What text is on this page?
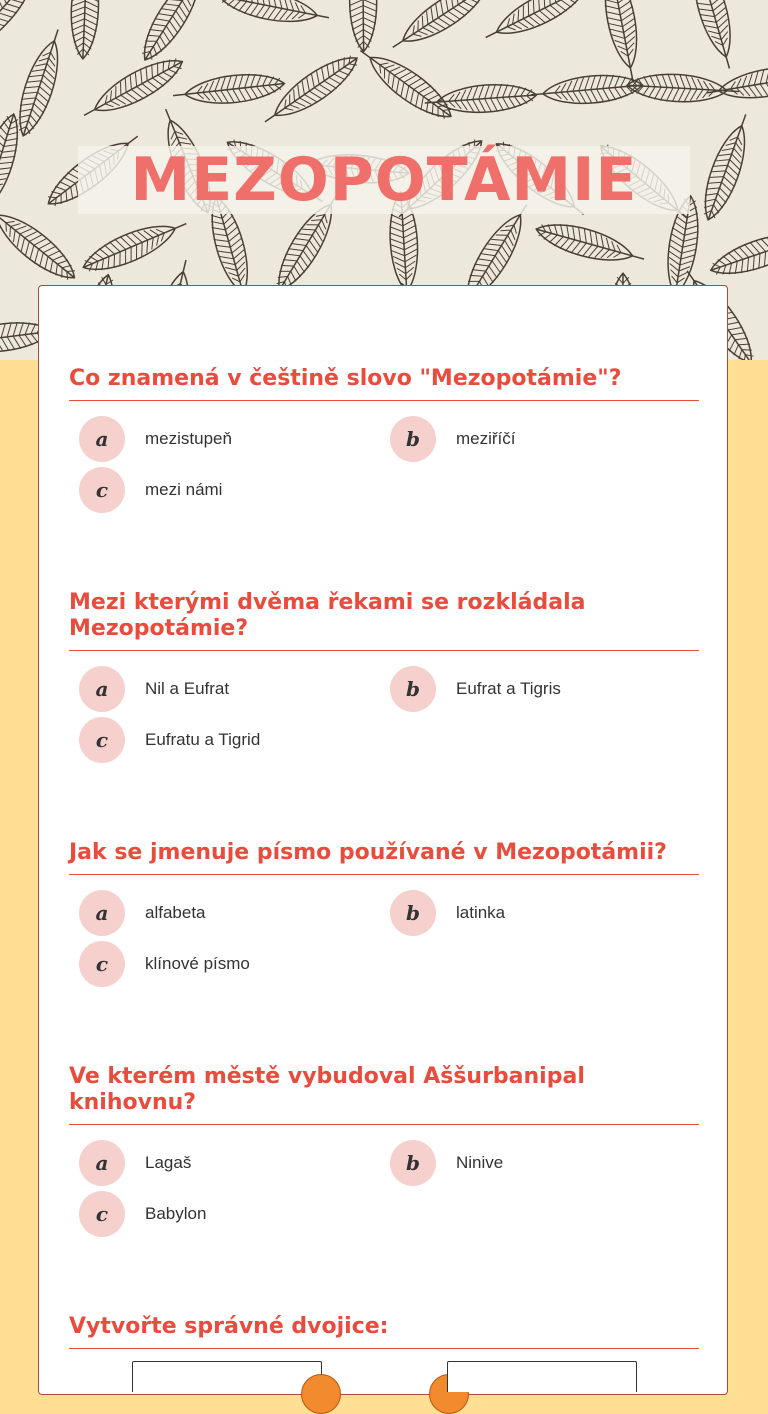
MEZOPOTÁMIE
Co znamená v češtině slovo "Mezopotámie"?
a	mezistupeň	b	meziříčí
c	mezi námi
Mezi kterými dvěma řekami se rozkládala Mezopotámie?
a	Nil a Eufrat	b	Eufrat a Tigris
c	Eufratu a Tigrid
Jak se jmenuje písmo používané v Mezopotámii?
a	alfabeta	b	latinka
c	klínové písmo
Ve kterém městě vybudoval Aššurbanipal knihovnu?
a	Lagaš	b	Ninive
c	Babylon
Vytvořte správné dvojice:
